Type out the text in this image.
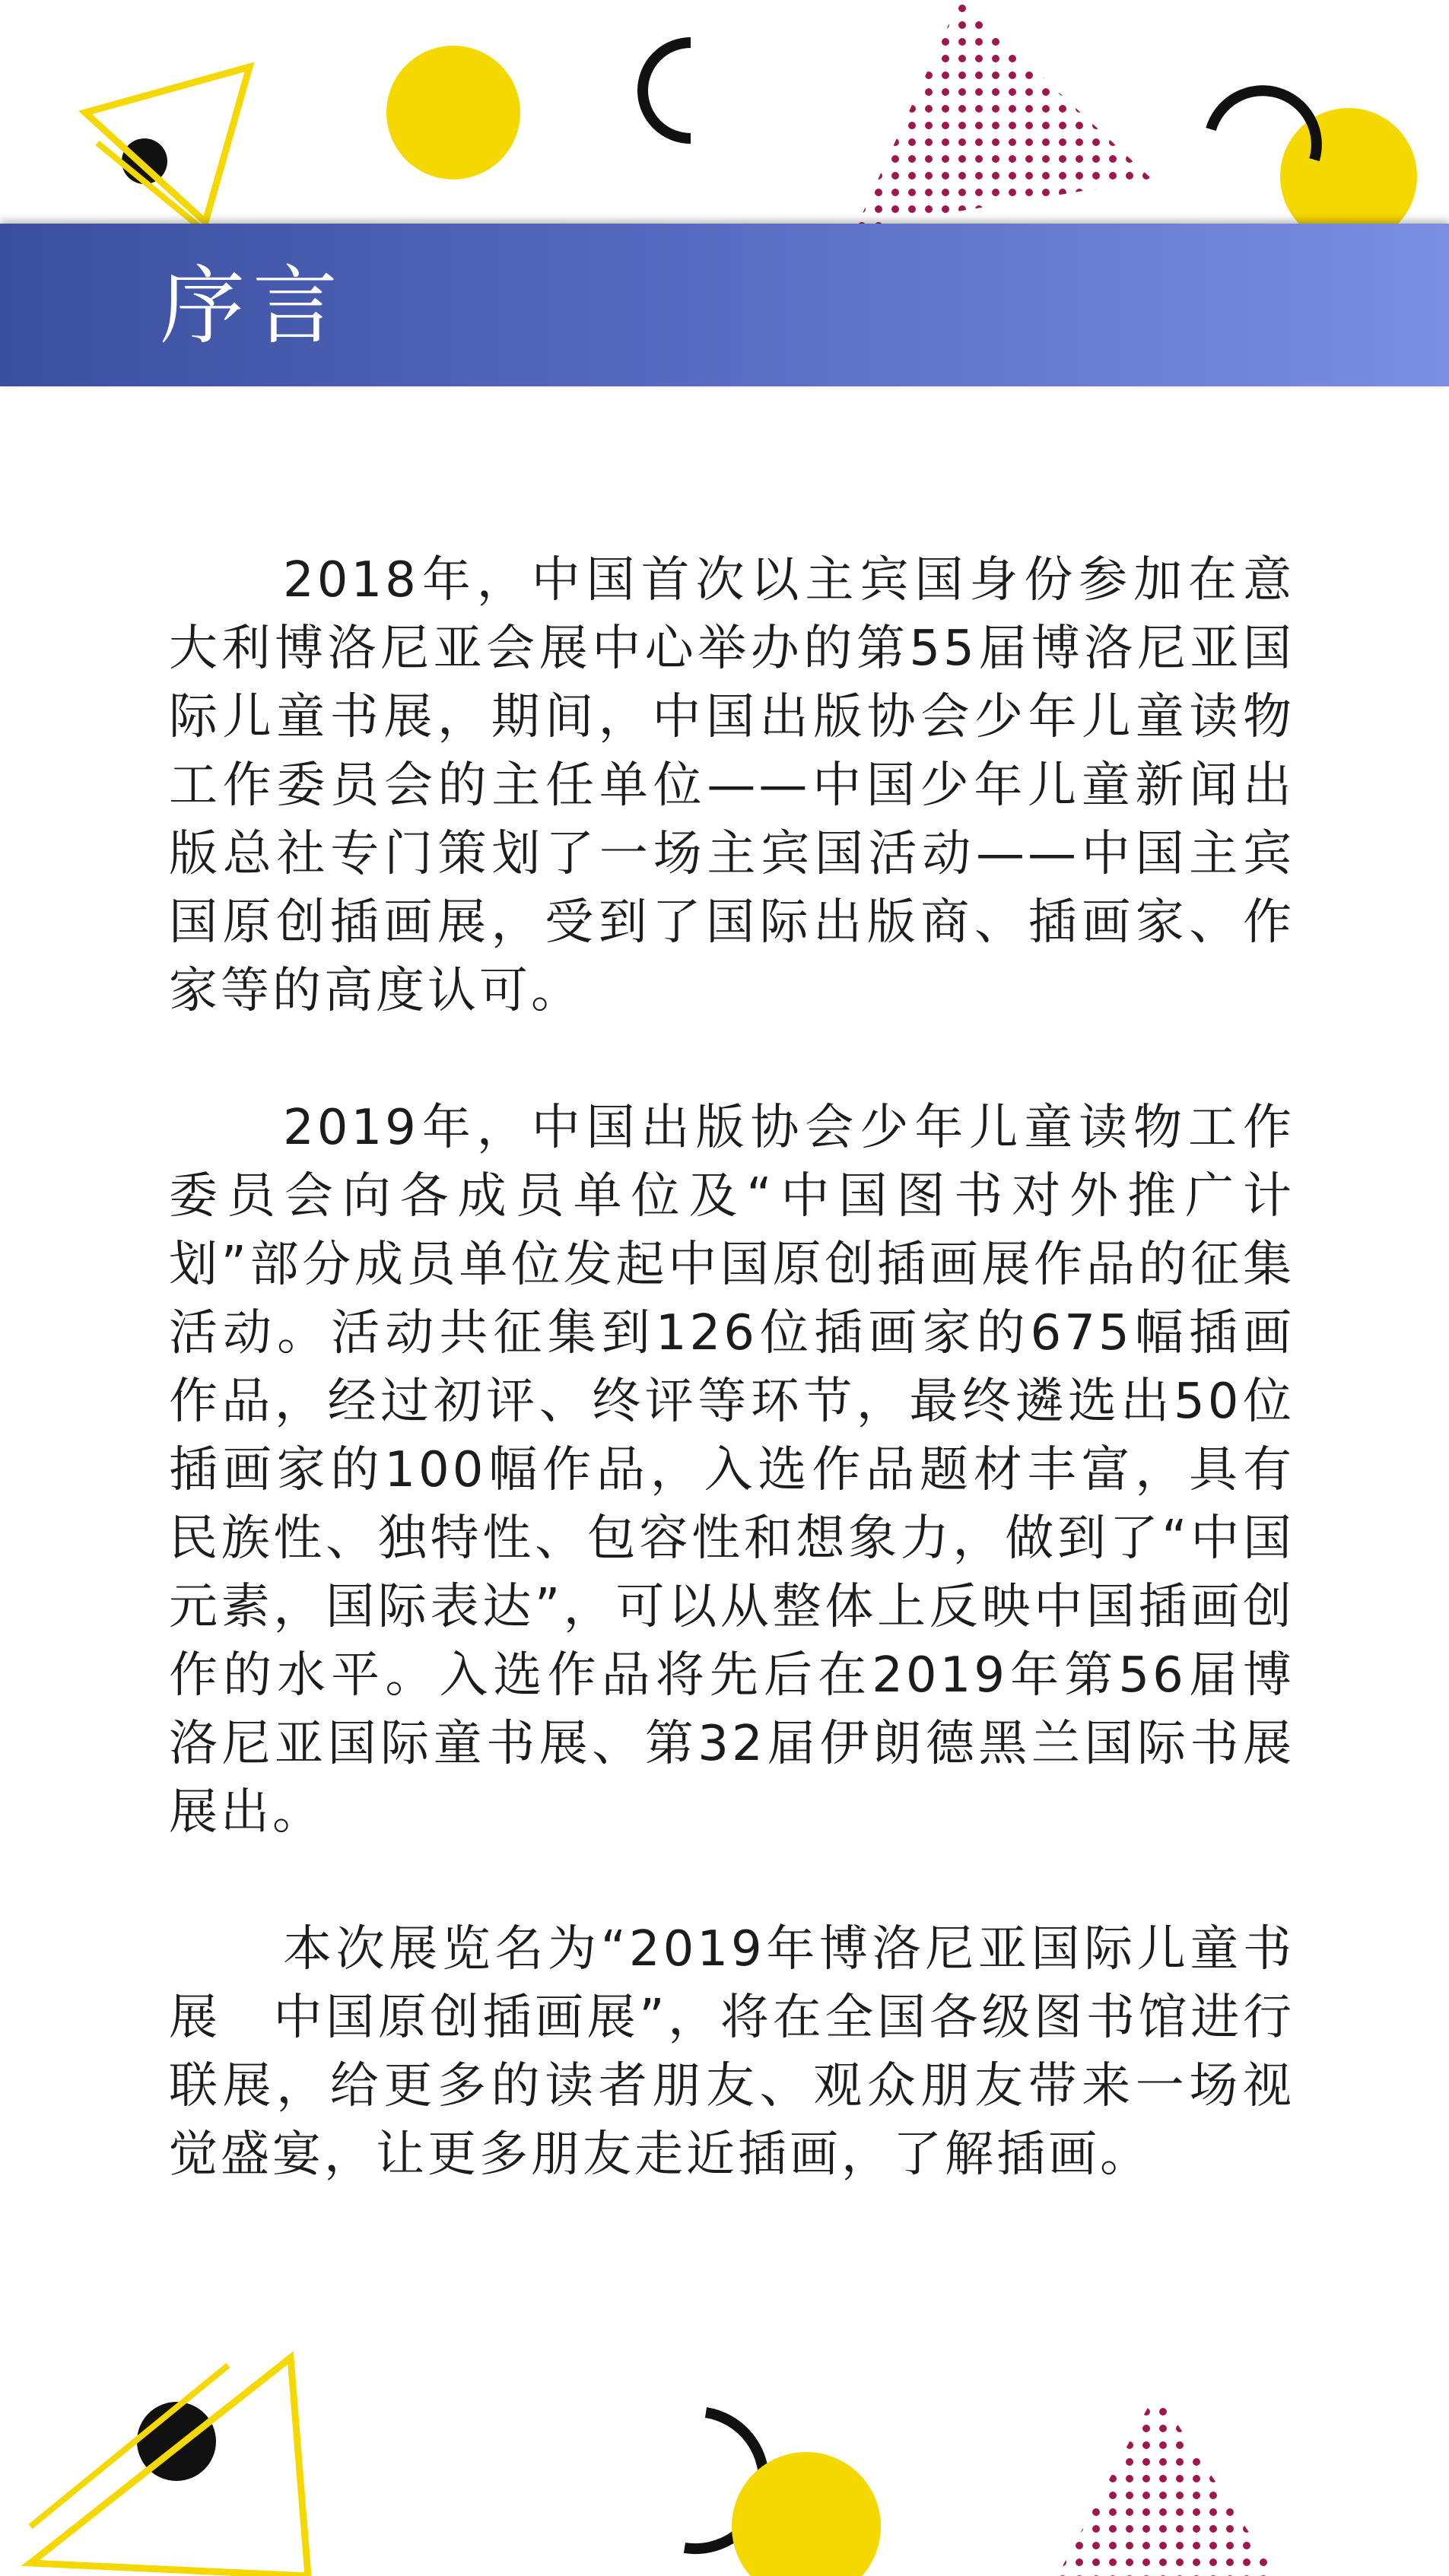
序言

2018年，中国首次以主宾国身份参加在意大利博洛尼亚会展中心举办的第55届博洛尼亚国际儿童书展，期间，中国出版协会少年儿童读物工作委员会的主任单位——中国少年儿童新闻出版总社专门策划了一场主宾国活动——中国主宾国原创插画展，受到了国际出版商、插画家、作家等的高度认可。

2019年，中国出版协会少年儿童读物工作委员会向各成员单位及“中国图书对外推广计划”部分成员单位发起中国原创插画展作品的征集活动。活动共征集到126位插画家的675幅插画作品，经过初评、终评等环节，最终遴选出50位插画家的100幅作品，入选作品题材丰富，具有民族性、独特性、包容性和想象力，做到了“中国元素，国际表达”，可以从整体上反映中国插画创作的水平。入选作品将先后在2019年第56届博洛尼亚国际童书展、第32届伊朗德黑兰国际书展展出。

本次展览名为“2019年博洛尼亚国际儿童书展　中国原创插画展”，将在全国各级图书馆进行联展，给更多的读者朋友、观众朋友带来一场视觉盛宴，让更多朋友走近插画，了解插画。
